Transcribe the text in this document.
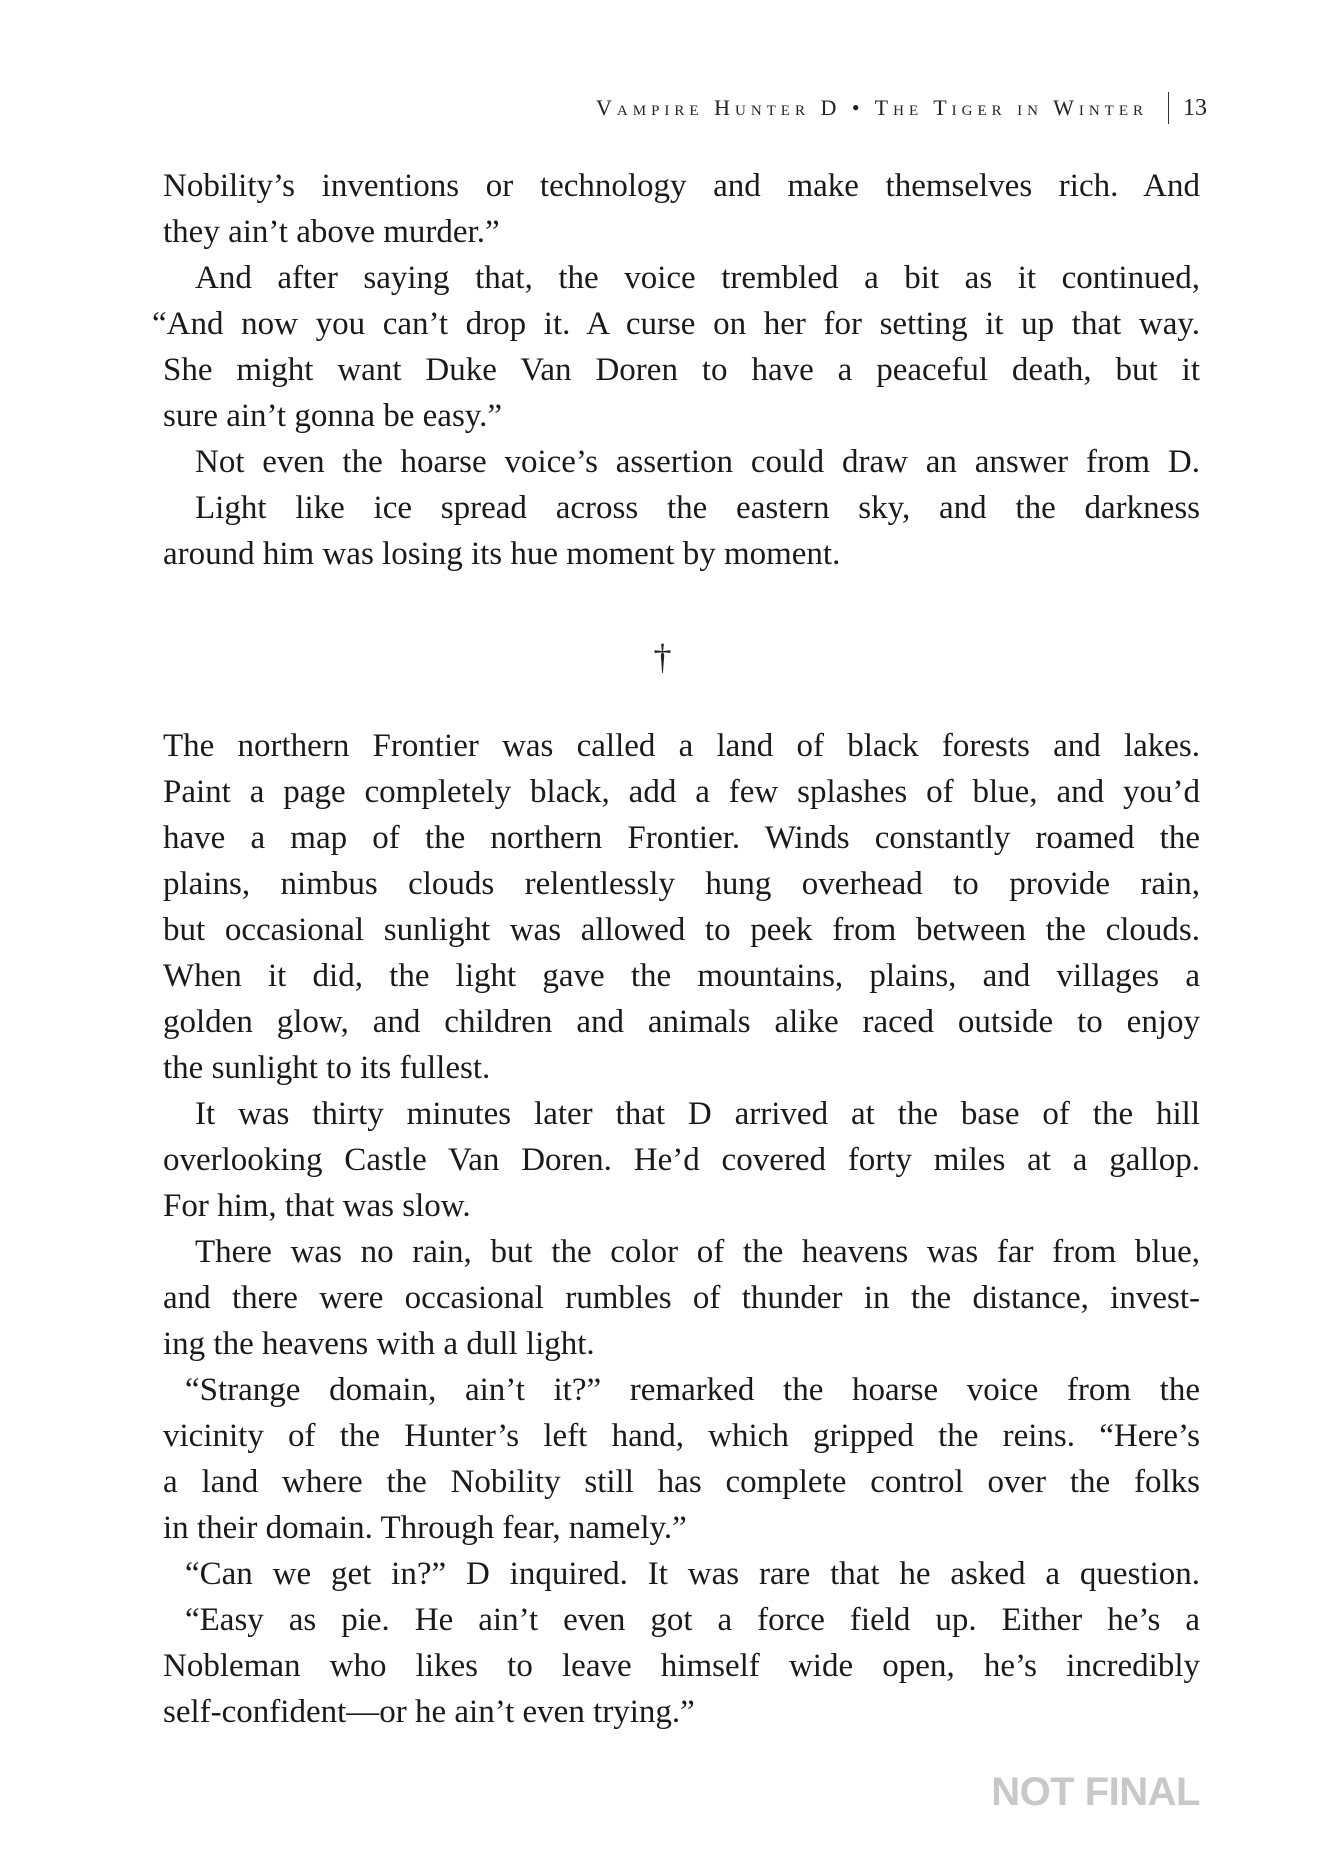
Vampire Hunter D • The Tiger in Winter 13
Nobility’s inventions or technology and make themselves rich. And
they ain’t above murder.”
And after saying that, the voice trembled a bit as it continued,
“And now you can’t drop it. A curse on her for setting it up that way.
She might want Duke Van Doren to have a peaceful death, but it
sure ain’t gonna be easy.”
Not even the hoarse voice’s assertion could draw an answer from D.
Light like ice spread across the eastern sky, and the darkness
around him was losing its hue moment by moment.
†
The northern Frontier was called a land of black forests and lakes.
Paint a page completely black, add a few splashes of blue, and you’d
have a map of the northern Frontier. Winds constantly roamed the
plains, nimbus clouds relentlessly hung overhead to provide rain,
but occasional sunlight was allowed to peek from between the clouds.
When it did, the light gave the mountains, plains, and villages a
golden glow, and children and animals alike raced outside to enjoy
the sunlight to its fullest.
It was thirty minutes later that D arrived at the base of the hill
overlooking Castle Van Doren. He’d covered forty miles at a gallop.
For him, that was slow.
There was no rain, but the color of the heavens was far from blue,
and there were occasional rumbles of thunder in the distance, invest-
ing the heavens with a dull light.
“Strange domain, ain’t it?” remarked the hoarse voice from the
vicinity of the Hunter’s left hand, which gripped the reins. “Here’s
a land where the Nobility still has complete control over the folks
in their domain. Through fear, namely.”
“Can we get in?” D inquired. It was rare that he asked a question.
“Easy as pie. He ain’t even got a force field up. Either he’s a
Nobleman who likes to leave himself wide open, he’s incredibly
self-confident—or he ain’t even trying.”
NOT FINAL
